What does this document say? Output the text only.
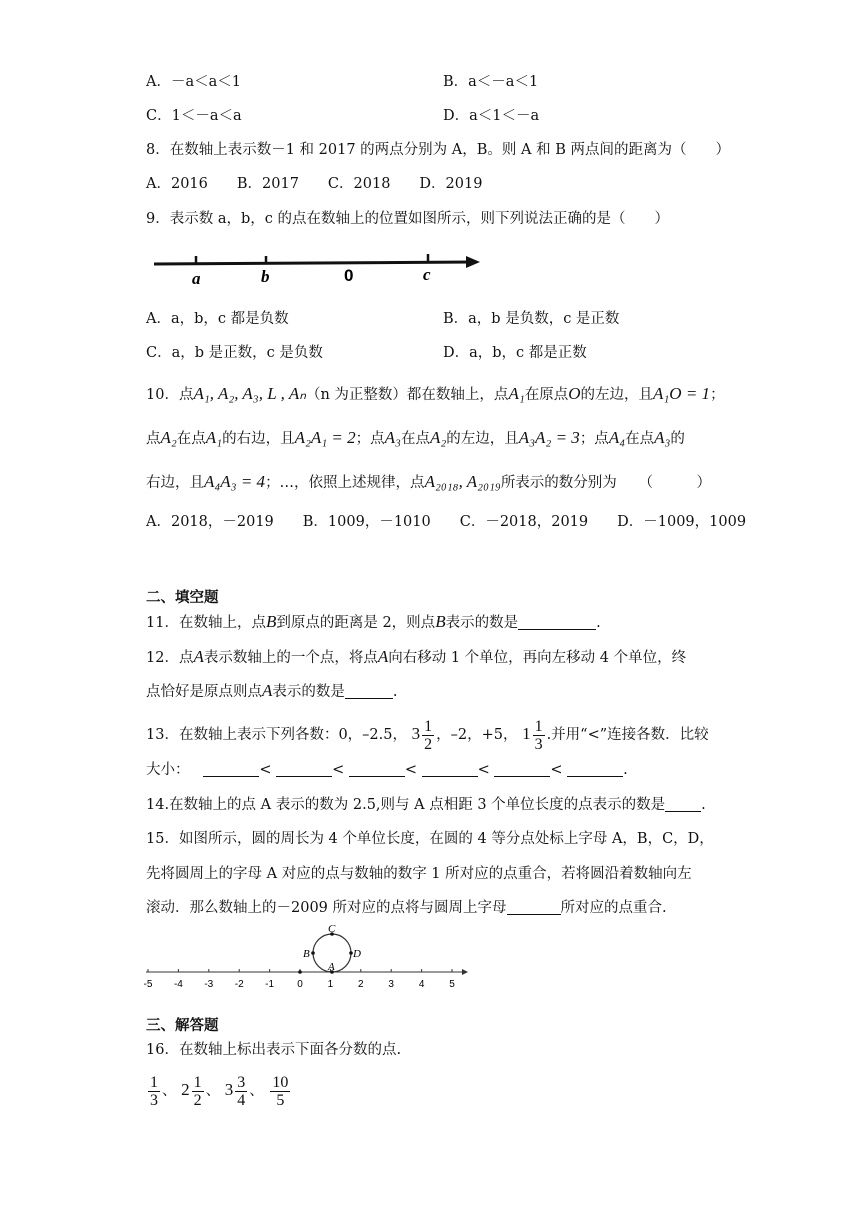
A．－a＜a＜1	B．a＜－a＜1
C．1＜－a＜a	D．a＜1＜－a
8．在数轴上表示数－1 和 2017 的两点分别为 A，B。则 A 和 B 两点间的距离为（　　）
A．2016　　B．2017　　C．2018　　D．2019
9．表示数 a，b，c 的点在数轴上的位置如图所示，则下列说法正确的是（　　）
a	b	0	c
A．a，b，c 都是负数	B．a，b 是负数，c 是正数
C．a，b 是正数，c 是负数	D．a，b，c 都是正数
10．点A₁, A₂, A₃, L , Aₙ（n 为正整数）都在数轴上，点A₁在原点O的左边，且A₁O = 1；
点A₂在点A₁的右边，且A₂A₁ = 2；点A₃在点A₂的左边，且A₃A₂ = 3；点A₄在点A₃的
右边，且A₄A₃ = 4；…，依照上述规律，点A₂₀₁₈, A₂₀₁₉所表示的数分别为　　（　　　）
A．2018，－2019　　B．1009，－1010　　C．－2018，2019　　D．－1009，1009
二、填空题
11．在数轴上，点B到原点的距离是 2，则点B表示的数是	.
12．点A表示数轴上的一个点，将点A向右移动 1 个单位，再向左移动 4 个单位，终
点恰好是原点则点A表示的数是	.
13．在数轴上表示下列各数：0，–2.5， $3 \frac{1}{2}$ ，–2，+5， $1 \frac{1}{3}$ .并用“<”连接各数．比较
大小：	<	<	<	<	<	.
14.在数轴上的点 A 表示的数为 2.5,则与 A 点相距 3 个单位长度的点表示的数是 .
15．如图所示，圆的周长为 4 个单位长度，在圆的 4 等分点处标上字母 A，B，C，D，
先将圆周上的字母 A 对应的点与数轴的数字 1 所对应的点重合，若将圆沿着数轴向左
滚动．那么数轴上的－2009 所对应的点将与圆周上字母	所对应的点重合.
-5 -4 -3 -2 -1 0 1 2 3 4 5
A
B
C
D
三、解答题
16．在数轴上标出表示下面各分数的点.
$\frac{1}{3}$ 、 $2 \frac{1}{2}$ 、 $3 \frac{3}{4}$ 、 $\frac{10}{5}$
